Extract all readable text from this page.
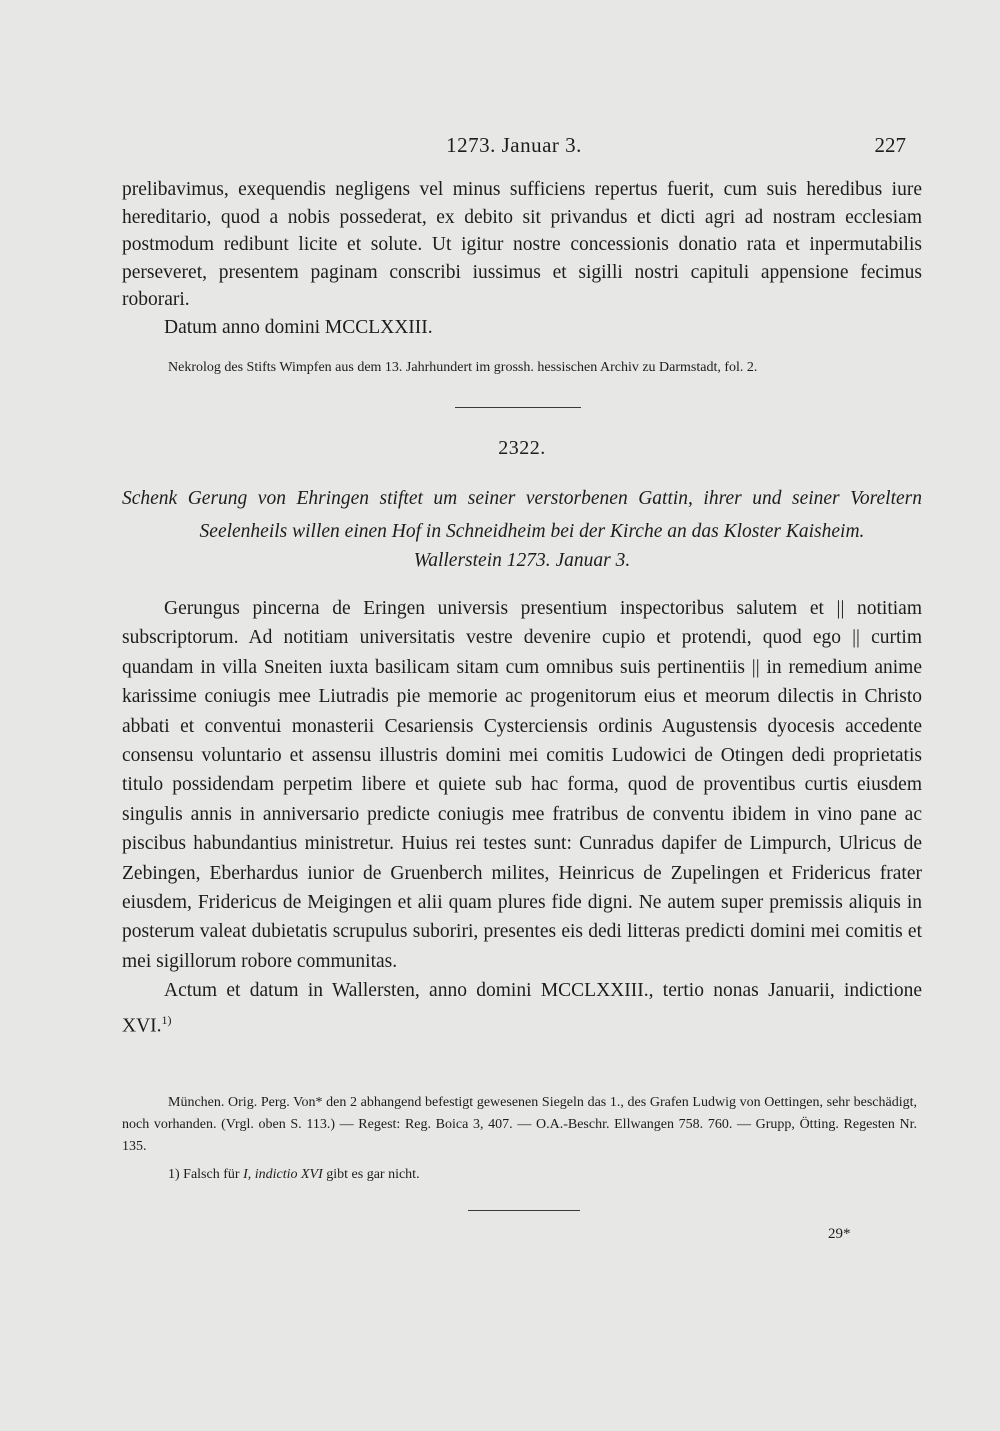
1273. Januar 3.	227

prelibavimus, exequendis negligens vel minus sufficiens repertus fuerit, cum suis heredibus iure hereditario, quod a nobis possederat, ex debito sit privandus et dicti agri ad nostram ecclesiam postmodum redibunt licite et solute. Ut igitur nostre concessionis donatio rata et inpermutabilis perseveret, presentem paginam conscribi iussimus et sigilli nostri capituli appensione fecimus roborari.

Datum anno domini MCCLXXIII.

Nekrolog des Stifts Wimpfen aus dem 13. Jahrhundert im grossh. hessischen Archiv zu Darmstadt, fol. 2.
2322.
Schenk Gerung von Ehringen stiftet um seiner verstorbenen Gattin, ihrer und seiner Voreltern
Seelenheils willen einen Hof in Schneidheim bei der Kirche an das Kloster Kaisheim.
Wallerstein 1273. Januar 3.

Gerungus pincerna de Eringen universis presentium inspectoribus salutem et || notitiam subscriptorum. Ad notitiam universitatis vestre devenire cupio et protendi, quod ego || curtim quandam in villa Sneiten iuxta basilicam sitam cum omnibus suis pertinentiis || in remedium anime karissime coniugis mee Liutradis pie memorie ac progenitorum eius et meorum dilectis in Christo abbati et conventui monasterii Cesariensis Cysterciensis ordinis Augustensis dyocesis accedente consensu voluntario et assensu illustris domini mei comitis Ludowici de Otingen dedi proprietatis titulo possidendam perpetim libere et quiete sub hac forma, quod de proventibus curtis eiusdem singulis annis in anniversario predicte coniugis mee fratribus de conventu ibidem in vino pane ac piscibus habundantius ministretur. Huius rei testes sunt: Cunradus dapifer de Limpurch, Ulricus de Zebingen, Eberhardus iunior de Gruenberch milites, Heinricus de Zupelingen et Fridericus frater eiusdem, Fridericus de Meigingen et alii quam plures fide digni. Ne autem super premissis aliquis in posterum valeat dubietatis scrupulus suboriri, presentes eis dedi litteras predicti domini mei comitis et mei sigillorum robore communitas.

Actum et datum in Wallersten, anno domini MCCLXXIII., tertio nonas Januarii, indictione XVI.$^{1)}$

München. Orig. Perg. Von* den 2 abhangend befestigt gewesenen Siegeln das 1., des Grafen Ludwig von Oettingen, sehr beschädigt, noch vorhanden. (Vrgl. oben S. 113.) — Regest: Reg. Boica 3, 407. — O.A.-Beschr. Ellwangen 758. 760. — Grupp, Ötting. Regesten Nr. 135.

1) Falsch für I, indictio XVI gibt es gar nicht.

29*
